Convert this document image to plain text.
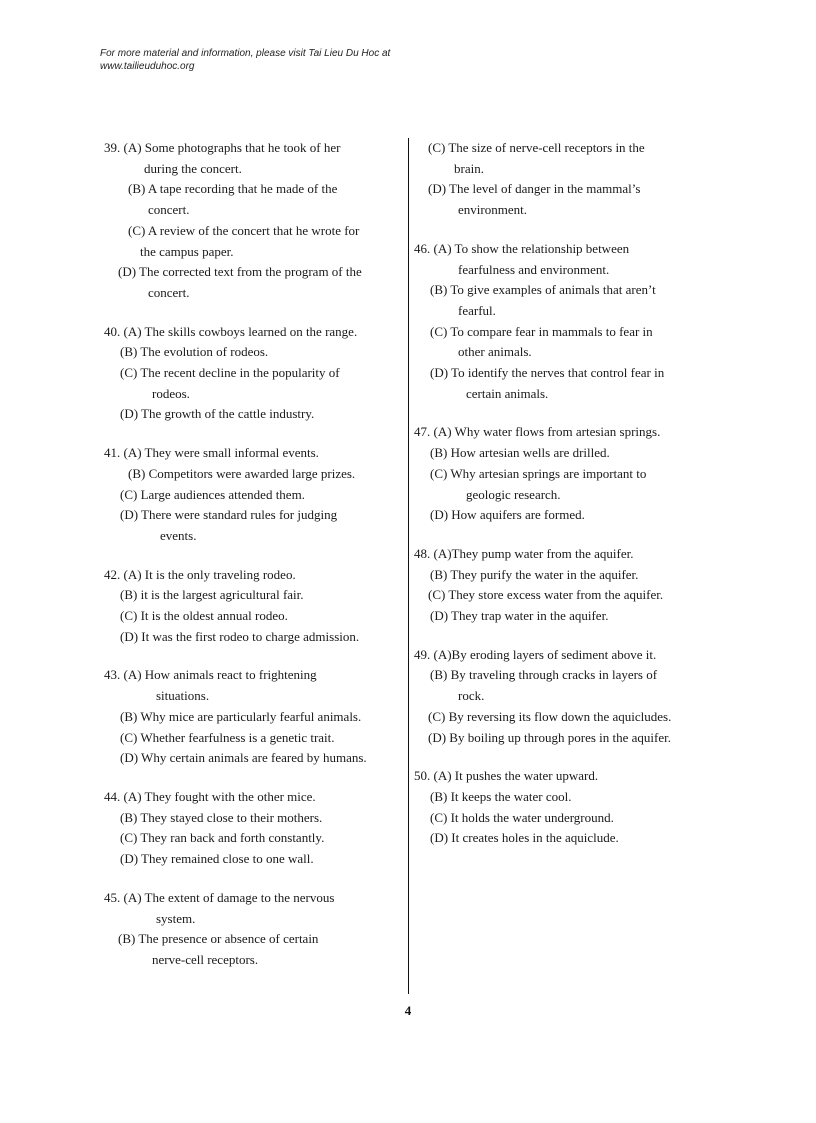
For more material and information, please visit Tai Lieu Du Hoc at
www.tailieuduhoc.org
39. (A) Some photographs that he took of her
during the concert.
(B) A tape recording that he made of the
concert.
(C) A review of the concert that he wrote for
the campus paper.
(D) The corrected text from the program of the
concert.
40. (A) The skills cowboys learned on the range.
(B) The evolution of rodeos.
(C) The recent decline in the popularity of
rodeos.
(D) The growth of the cattle industry.
41. (A) They were small informal events.
(B) Competitors were awarded large prizes.
(C) Large audiences attended them.
(D) There were standard rules for judging
events.
42. (A) It is the only traveling rodeo.
(B) it is the largest agricultural fair.
(C) It is the oldest annual rodeo.
(D) It was the first rodeo to charge admission.
43. (A) How animals react to frightening
situations.
(B) Why mice are particularly fearful animals.
(C) Whether fearfulness is a genetic trait.
(D) Why certain animals are feared by humans.
44. (A) They fought with the other mice.
(B) They stayed close to their mothers.
(C) They ran back and forth constantly.
(D) They remained close to one wall.
45. (A) The extent of damage to the nervous
system.
(B) The presence or absence of certain
nerve-cell receptors.
(C) The size of nerve-cell receptors in the
brain.
(D) The level of danger in the mammal’s
environment.
46. (A) To show the relationship between
fearfulness and environment.
(B) To give examples of animals that aren’t
fearful.
(C) To compare fear in mammals to fear in
other animals.
(D) To identify the nerves that control fear in
certain animals.
47. (A) Why water flows from artesian springs.
(B) How artesian wells are drilled.
(C) Why artesian springs are important to
geologic research.
(D) How aquifers are formed.
48. (A)They pump water from the aquifer.
(B) They purify the water in the aquifer.
(C) They store excess water from the aquifer.
(D) They trap water in the aquifer.
49. (A)By eroding layers of sediment above it.
(B) By traveling through cracks in layers of
rock.
(C) By reversing its flow down the aquicludes.
(D) By boiling up through pores in the aquifer.
50. (A) It pushes the water upward.
(B) It keeps the water cool.
(C) It holds the water underground.
(D) It creates holes in the aquiclude.
4
